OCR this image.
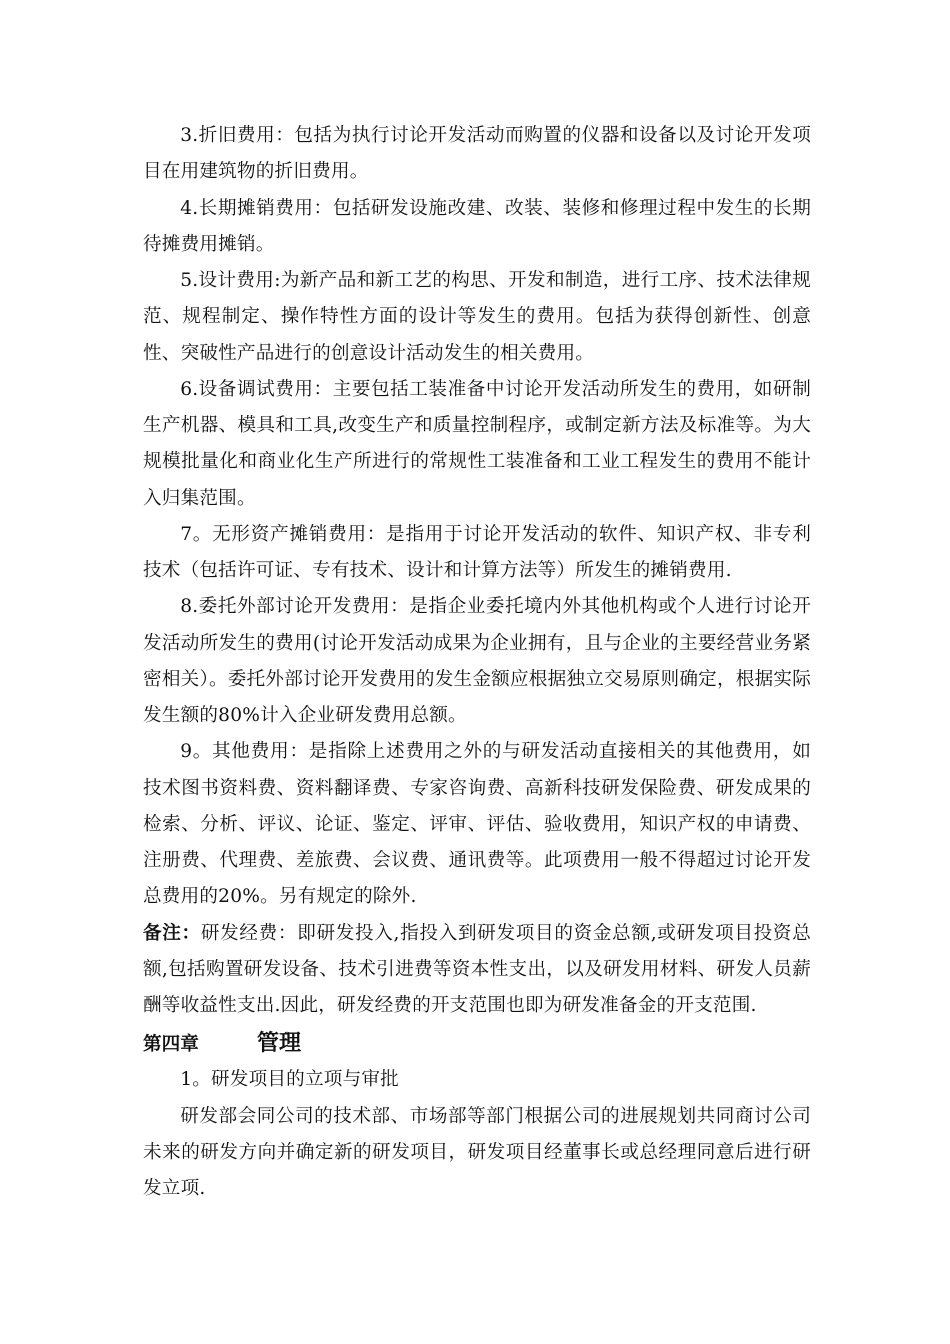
3.折旧费用：包括为执行讨论开发活动而购置的仪器和设备以及讨论开发项目在用建筑物的折旧费用。

4.长期摊销费用：包括研发设施改建、改装、装修和修理过程中发生的长期待摊费用摊销。

5.设计费用:为新产品和新工艺的构思、开发和制造，进行工序、技术法律规范、规程制定、操作特性方面的设计等发生的费用。包括为获得创新性、创意性、突破性产品进行的创意设计活动发生的相关费用。

6.设备调试费用：主要包括工装准备中讨论开发活动所发生的费用，如研制生产机器、模具和工具,改变生产和质量控制程序，或制定新方法及标准等。为大规模批量化和商业化生产所进行的常规性工装准备和工业工程发生的费用不能计入归集范围。

7。无形资产摊销费用：是指用于讨论开发活动的软件、知识产权、非专利技术（包括许可证、专有技术、设计和计算方法等）所发生的摊销费用.

8.委托外部讨论开发费用：是指企业委托境内外其他机构或个人进行讨论开发活动所发生的费用(讨论开发活动成果为企业拥有，且与企业的主要经营业务紧密相关）。委托外部讨论开发费用的发生金额应根据独立交易原则确定，根据实际发生额的80%计入企业研发费用总额。

9。其他费用：是指除上述费用之外的与研发活动直接相关的其他费用，如技术图书资料费、资料翻译费、专家咨询费、高新科技研发保险费、研发成果的检索、分析、评议、论证、鉴定、评审、评估、验收费用，知识产权的申请费、注册费、代理费、差旅费、会议费、通讯费等。此项费用一般不得超过讨论开发总费用的20%。另有规定的除外.

备注：研发经费：即研发投入,指投入到研发项目的资金总额,或研发项目投资总额,包括购置研发设备、技术引进费等资本性支出，以及研发用材料、研发人员薪酬等收益性支出.因此，研发经费的开支范围也即为研发准备金的开支范围.

第四章	管理

1。研发项目的立项与审批

研发部会同公司的技术部、市场部等部门根据公司的进展规划共同商讨公司未来的研发方向并确定新的研发项目，研发项目经董事长或总经理同意后进行研发立项.
